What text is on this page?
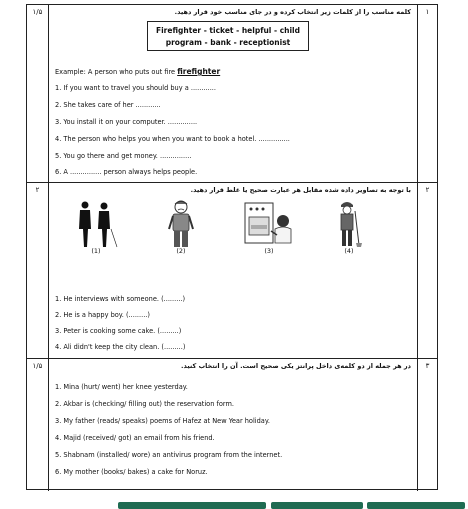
۱/۵	کلمه مناسب را از کلمات زیر انتخاب کرده و در جای مناسب خود قرار دهید.
Firefighter - ticket - helpful - child
program - bank - receptionist
Example: A person who puts out fire firefighter
1. If you want to travel you should buy a ............
2. She takes care of her ............
3. You install it on your computer. ..............
4. The person who helps you when you want to book a hotel. ...............
5. You go there and get money. ...............
6. A ............... person always helps people.
۱
۲	با توجه به تصاویر داده شده مقابل هر عبارت صحیح یا غلط قرار دهید.
(1)	(2)	(3)	(4)
1. He interviews with someone. (.........)
2. He is a happy boy. (.........)
3. Peter is cooking some cake. (.........)
4. Ali didn't keep the city clean. (.........)
۲
۱/۵	در هر جمله از دو کلمه‌ی داخل پرانتز یکی صحیح است. آن را انتخاب کنید.
1. Mina (hurt/ went) her knee yesterday.
2. Akbar is (checking/ filling out) the reservation form.
3. My father (reads/ speaks) poems of Hafez at New Year holiday.
4. Majid (received/ got) an email from his friend.
5. Shabnam (installed/ wore) an antivirus program from the internet.
6. My mother (books/ bakes) a cake for Noruz.
۳
